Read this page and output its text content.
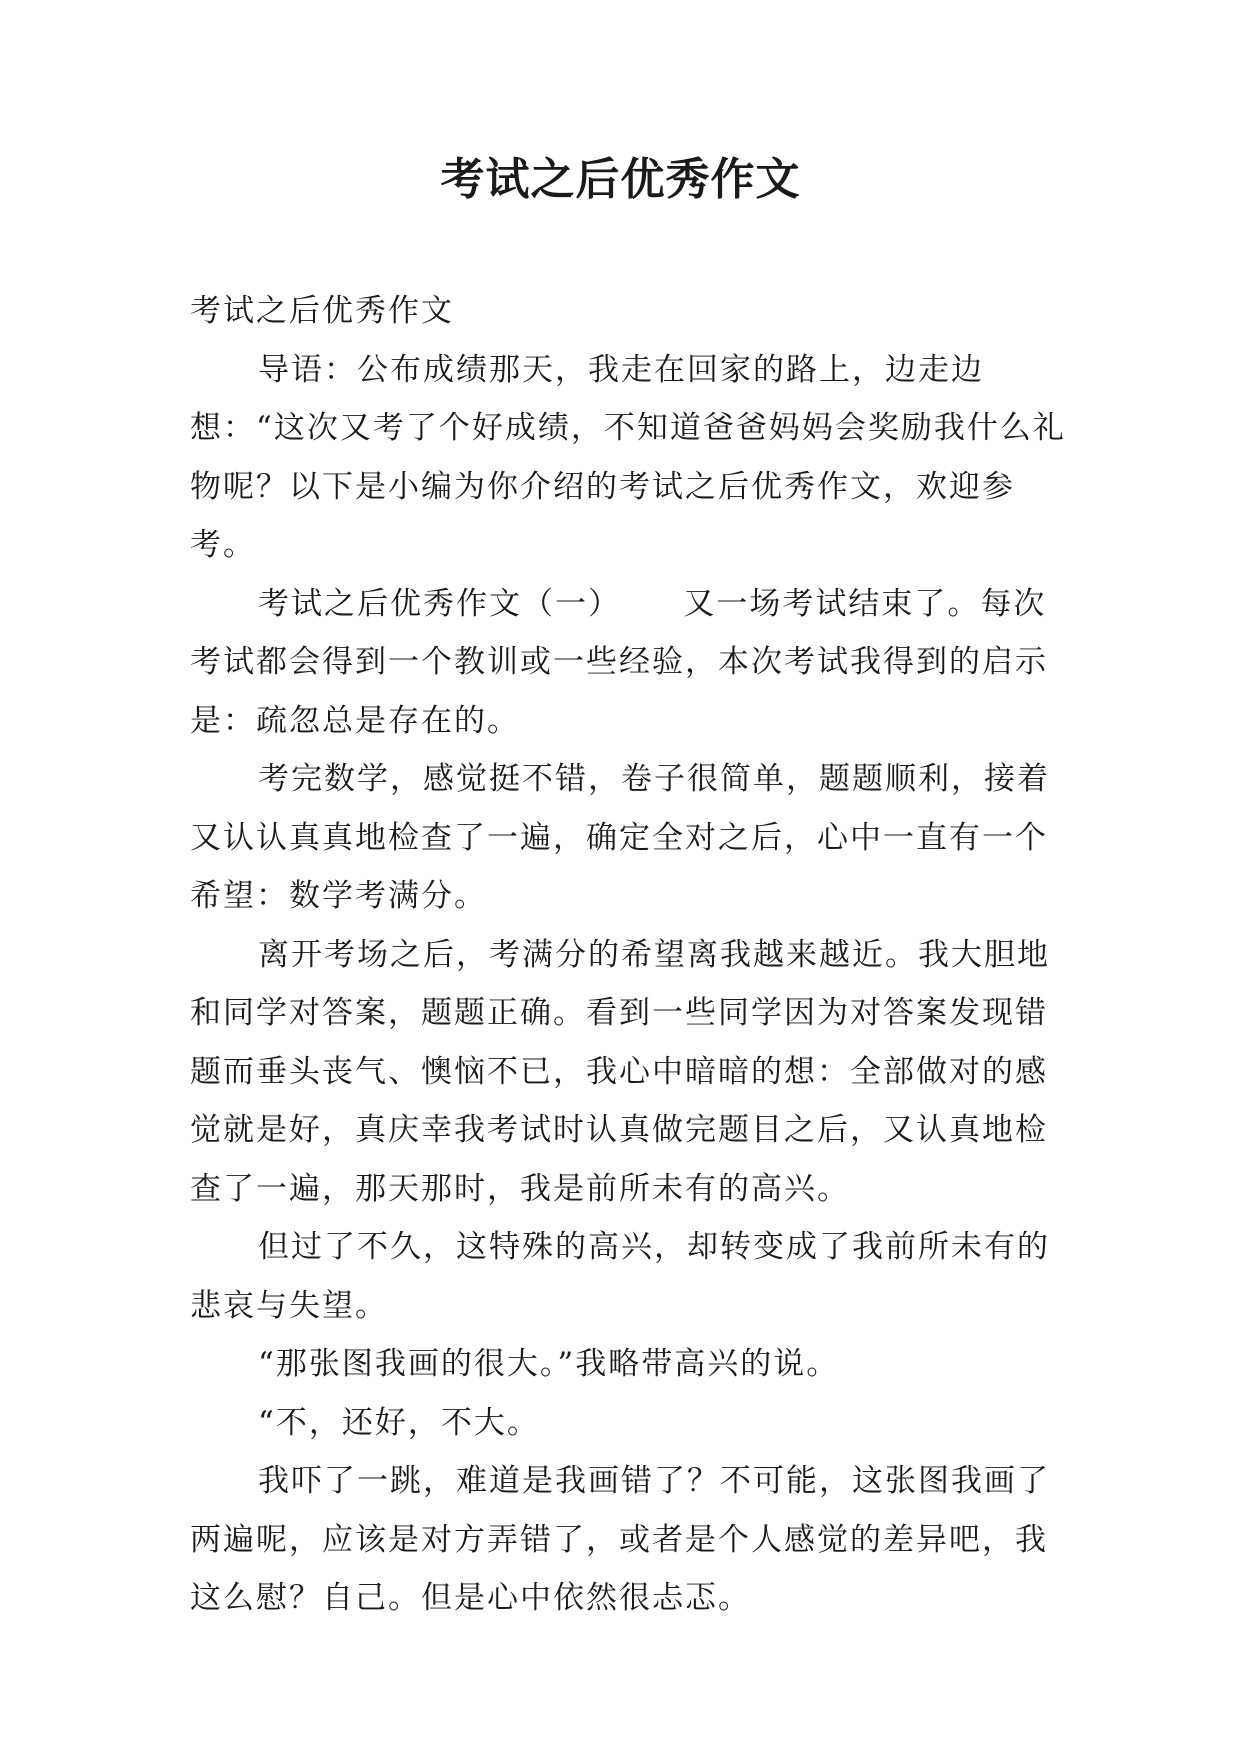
考试之后优秀作文

考试之后优秀作文

导语：公布成绩那天，我走在回家的路上，边走边想：“这次又考了个好成绩，不知道爸爸妈妈会奖励我什么礼物呢？以下是小编为你介绍的考试之后优秀作文，欢迎参考。

考试之后优秀作文（一）　　 又一场考试结束了。每次考试都会得到一个教训或一些经验，本次考试我得到的启示是：疏忽总是存在的。

考完数学，感觉挺不错，卷子很简单，题题顺利，接着又认认真真地检查了一遍，确定全对之后，心中一直有一个希望：数学考满分。

离开考场之后，考满分的希望离我越来越近。我大胆地和同学对答案，题题正确。看到一些同学因为对答案发现错题而垂头丧气、懊恼不已，我心中暗暗的想：全部做对的感觉就是好，真庆幸我考试时认真做完题目之后，又认真地检查了一遍，那天那时，我是前所未有的高兴。

但过了不久，这特殊的高兴，却转变成了我前所未有的悲哀与失望。

“那张图我画的很大。”我略带高兴的说。

“不，还好，不大。

我吓了一跳，难道是我画错了？不可能，这张图我画了两遍呢，应该是对方弄错了，或者是个人感觉的差异吧，我这么慰？自己。但是心中依然很忐忑。
